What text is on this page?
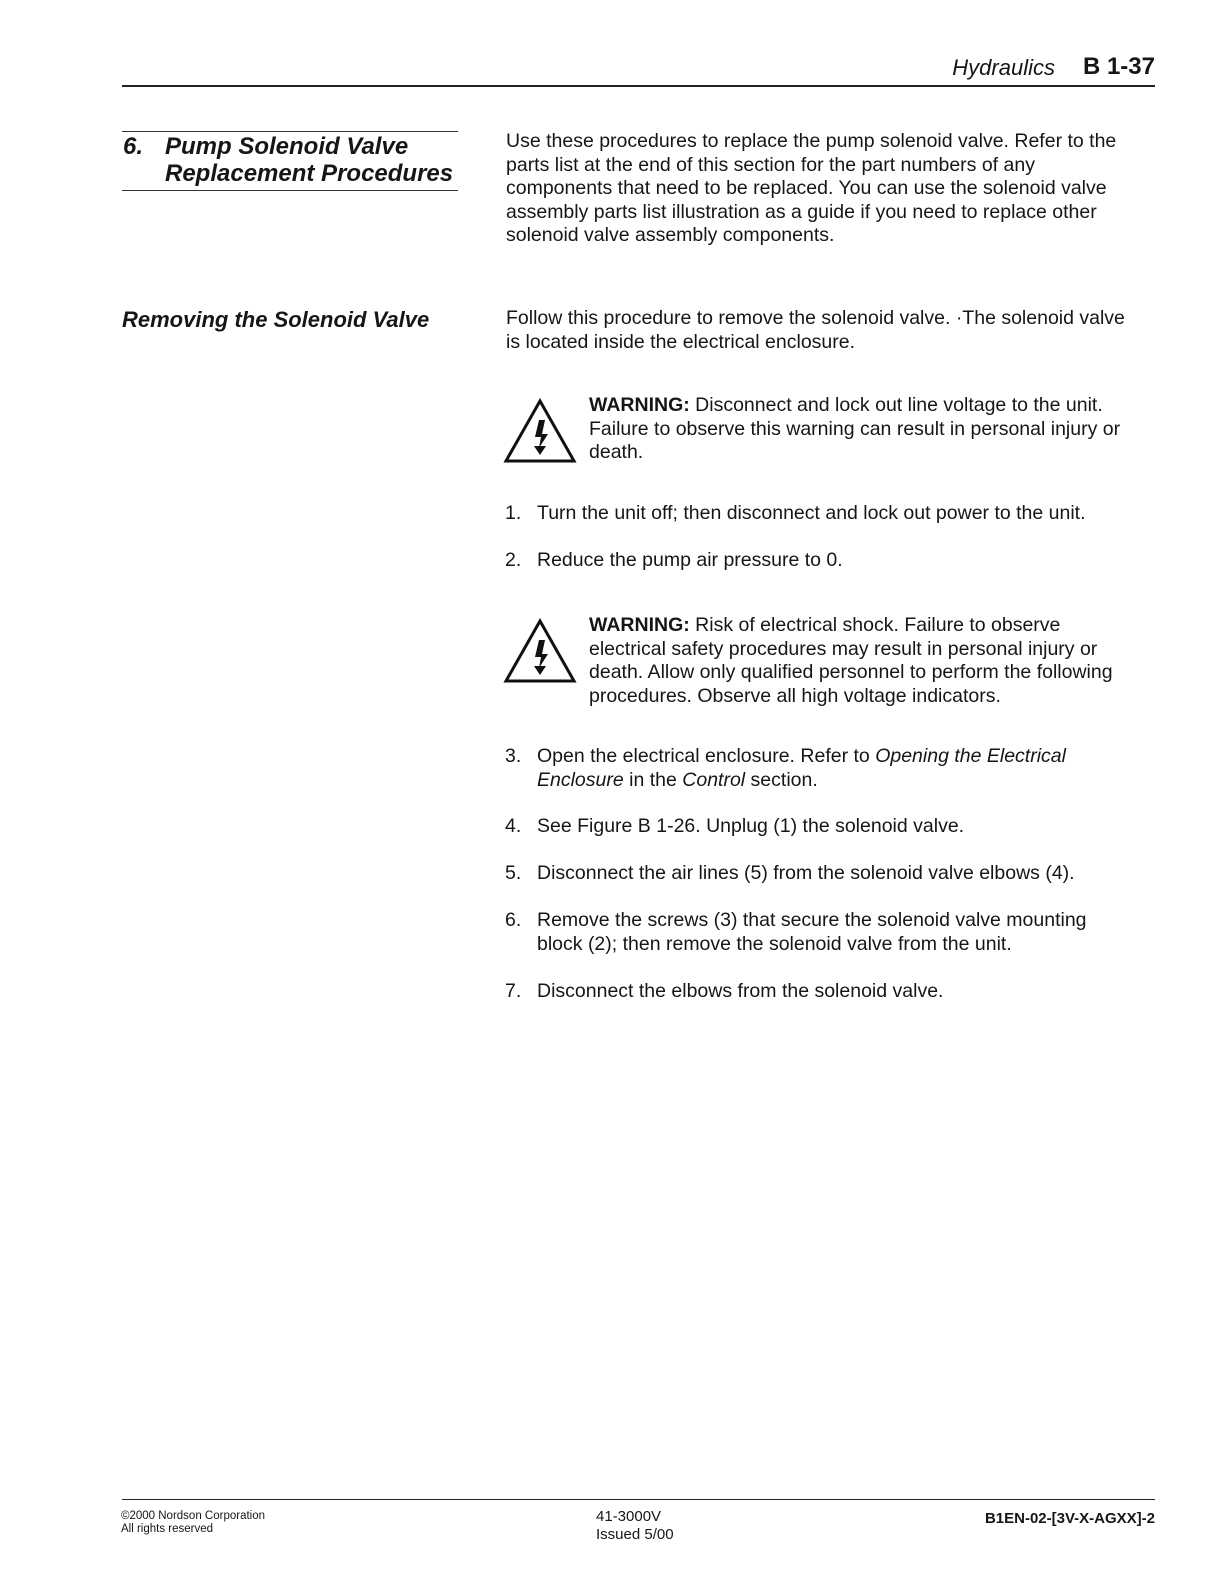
Hydraulics B 1-37
6. Pump Solenoid Valve
Replacement Procedures
Use these procedures to replace the pump solenoid valve. Refer to the
parts list at the end of this section for the part numbers of any
components that need to be replaced. You can use the solenoid valve
assembly parts list illustration as a guide if you need to replace other
solenoid valve assembly components.
Removing the Solenoid Valve	Follow this procedure to remove the solenoid valve. ·The solenoid valve
is located inside the electrical enclosure.
WARNING: Disconnect and lock out line voltage to the unit.
Failure to observe this warning can result in personal injury or
death.
1. Turn the unit off; then disconnect and lock out power to the unit.
2. Reduce the pump air pressure to 0.
WARNING: Risk of electrical shock. Failure to observe
electrical safety procedures may result in personal injury or
death. Allow only qualified personnel to perform the following
procedures. Observe all high voltage indicators.
3. Open the electrical enclosure. Refer to Opening the Electrical
Enclosure in the Control section.
4. See Figure B 1-26. Unplug (1) the solenoid valve.
5. Disconnect the air lines (5) from the solenoid valve elbows (4).
6. Remove the screws (3) that secure the solenoid valve mounting
block (2); then remove the solenoid valve from the unit.
7. Disconnect the elbows from the solenoid valve.
©2000 Nordson Corporation
All rights reserved
41-3000V
Issued 5/00
B1EN-02-[3V-X-AGXX]-2
